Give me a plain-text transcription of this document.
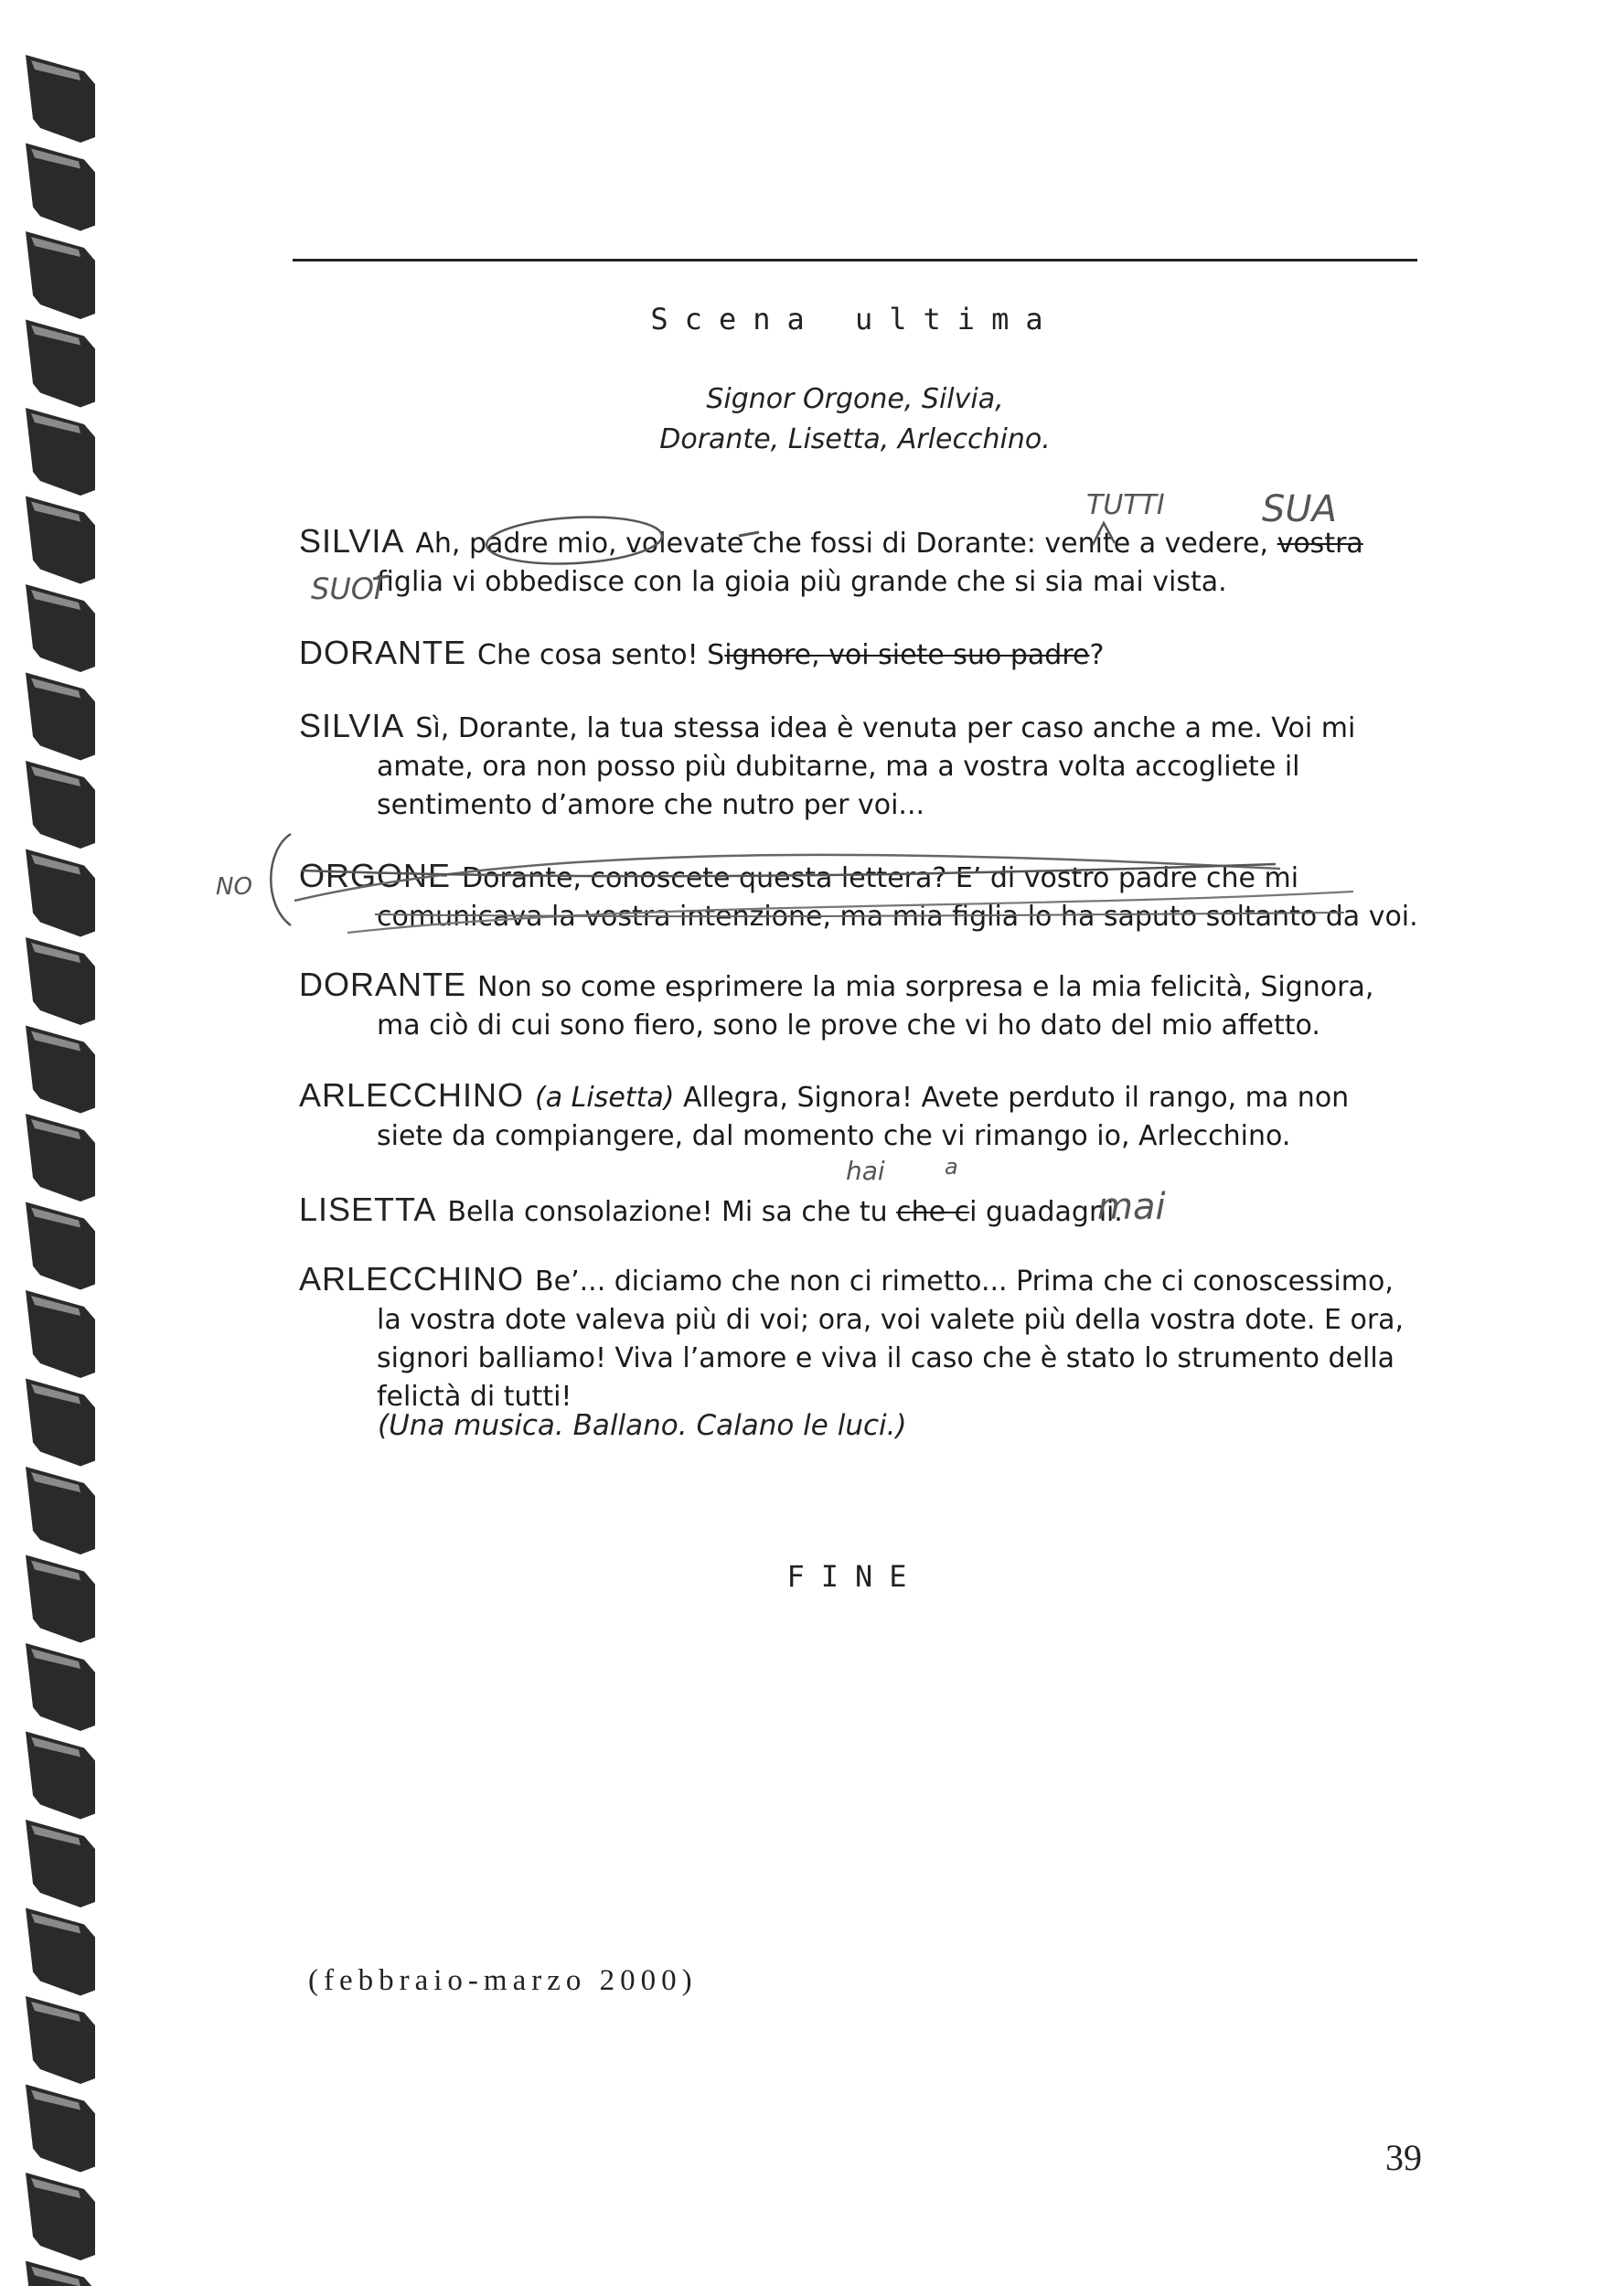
Scena ultima
Signor Orgone, Silvia,
Dorante, Lisetta, Arlecchino.

SILVIA Ah, padre mio, volevate che fossi di Dorante: venite a vedere, vostra figlia vi obbedisce con la gioia più grande che si sia mai vista.

DORANTE Che cosa sento! Signore, voi siete suo padre?

SILVIA Sì, Dorante, la tua stessa idea è venuta per caso anche a me. Voi mi amate, ora non posso più dubitarne, ma a vostra volta accogliete il sentimento d’amore che nutro per voi...

ORGONE Dorante, conoscete questa lettera? E’ di vostro padre che mi comunicava la vostra intenzione, ma mia figlia lo ha saputo soltanto da voi.

DORANTE Non so come esprimere la mia sorpresa e la mia felicità, Signora, ma ciò di cui sono fiero, sono le prove che vi ho dato del mio affetto.

ARLECCHINO (a Lisetta) Allegra, Signora! Avete perduto il rango, ma non siete da compiangere, dal momento che vi rimango io, Arlecchino.

LISETTA Bella consolazione! Mi sa che tu che ci guadagni.

ARLECCHINO Be’... diciamo che non ci rimetto... Prima che ci conoscessimo, la vostra dote valeva più di voi; ora, voi valete più della vostra dote. E ora, signori balliamo! Viva l’amore e viva il caso che è stato lo strumento della felictà di tutti!

(Una musica. Ballano. Calano le luci.)
FINE
(febbraio-marzo 2000)
39
TUTTI	SUA
SUOI
NO
hai	a
mai
